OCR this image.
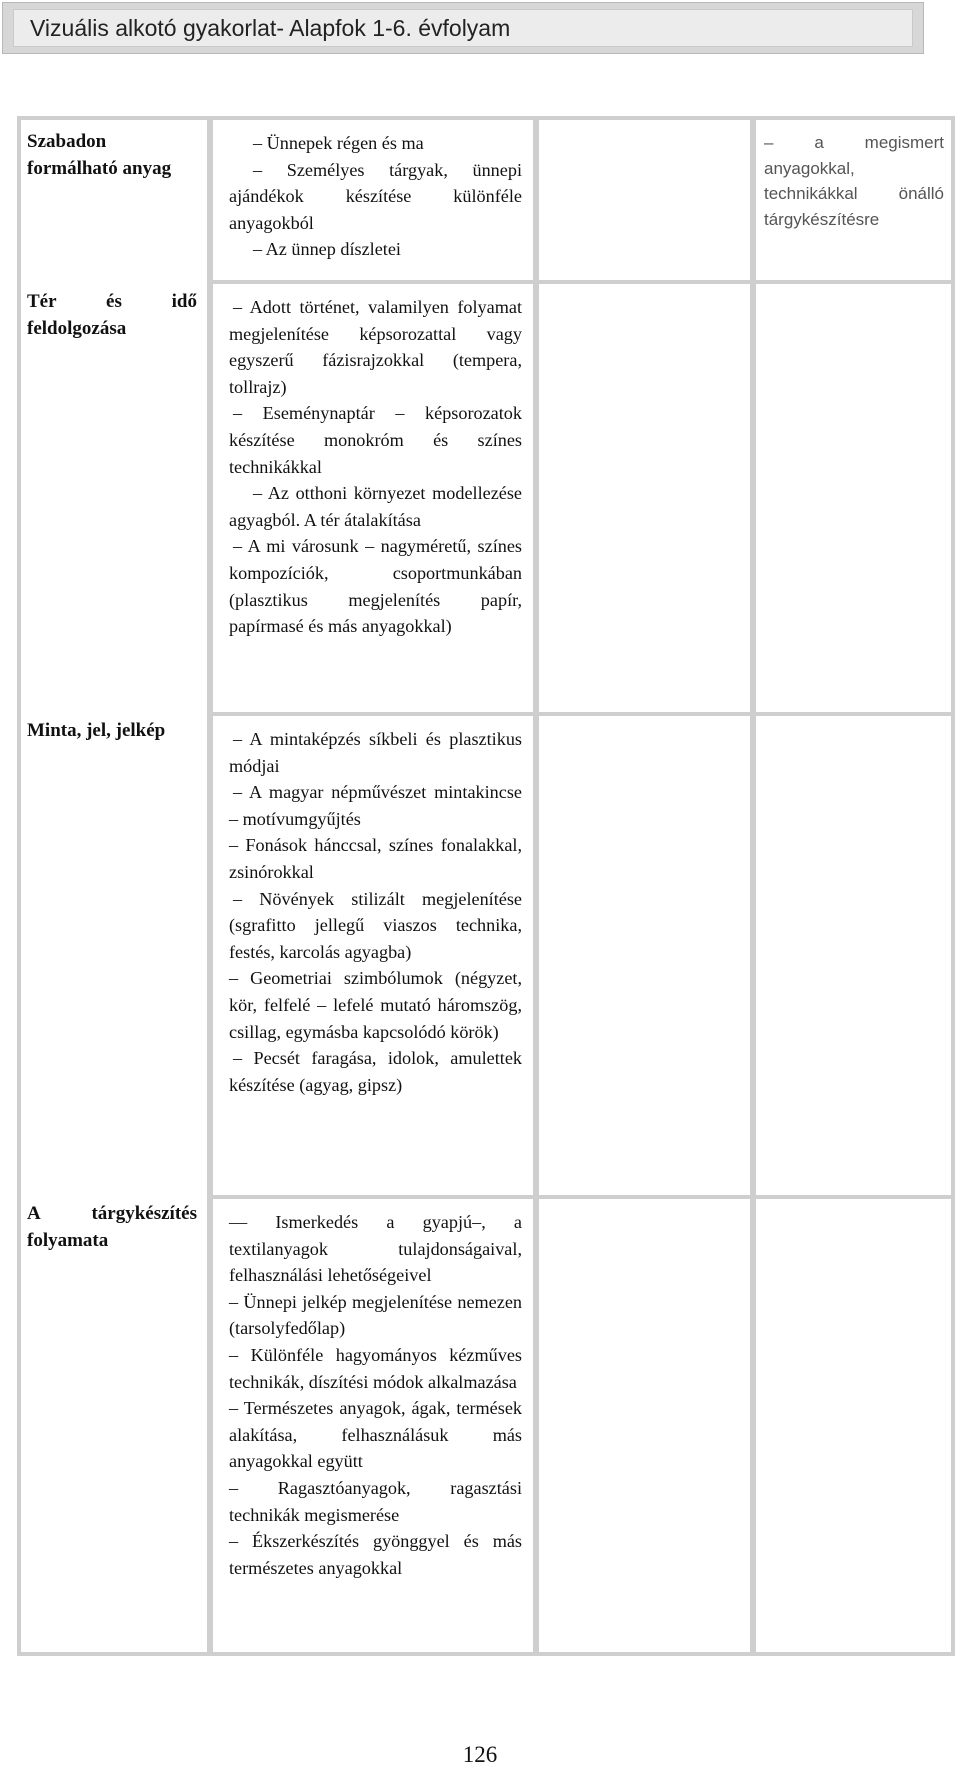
Vizuális alkotó gyakorlat- Alapfok 1-6. évfolyam

– Ünnepek régen és ma

– Személyes tárgyak, ünnepi ajándékok készítése különféle anyagokból

– Az ünnep díszletei

– Adott történet, valamilyen folyamat megjelenítése képsorozattal vagy egyszerű fázisrajzokkal (tempera, tollrajz)

– Eseménynaptár – képsorozatok készítése monokróm és színes technikákkal

– Az otthoni környezet modellezése agyagból. A tér átalakítása

– A mi városunk – nagyméretű, színes kompozíciók, csoportmunkában (plasztikus megjelenítés papír, papírmasé és más anyagokkal)

– A mintaképzés síkbeli és plasztikus módjai

– A magyar népművészet mintakincse – motívumgyűjtés

– Fonások hánccsal, színes fonalakkal, zsinórokkal

– Növények stilizált megjelenítése (sgrafitto jellegű viaszos technika, festés, karcolás agyagba)

– Geometriai szimbólumok (négyzet, kör, felfelé – lefelé mutató háromszög, csillag, egymásba kapcsolódó körök)

– Pecsét faragása, idolok, amulettek készítése (agyag, gipsz)

— Ismerkedés a gyapjú–, a textilanyagok tulajdonságaival, felhasználási lehetőségeivel

– Ünnepi jelkép megjelenítése nemezen (tarsolyfedőlap)

– Különféle hagyományos kézműves technikák, díszítési módok alkalmazása

– Természetes anyagok, ágak, termések alakítása, felhasználásuk más anyagokkal együtt

– Ragasztóanyagok, ragasztási technikák megismerése

– Ékszerkészítés gyönggyel és más természetes anyagokkal

– a megismert anyagokkal, technikákkal önálló tárgykészítésre
Szabadon formálható anyag
Tér és idő feldolgozása
Minta, jel, jelkép
A tárgykészítés folyamata
126
